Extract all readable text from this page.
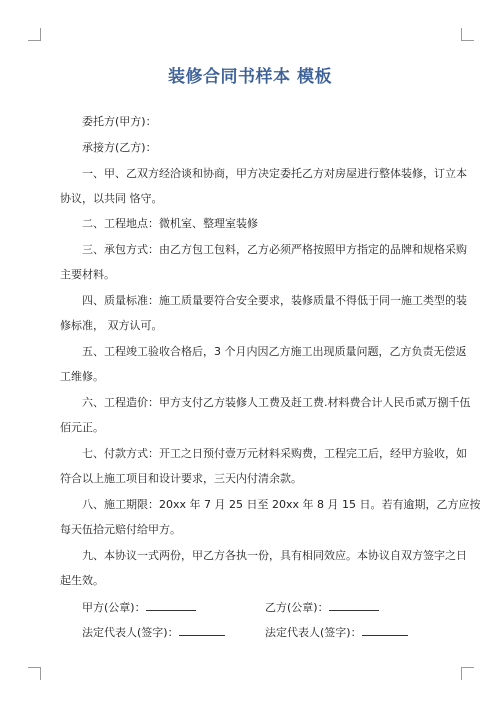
装修合同书样本 模板
委托方(甲方)：
承接方(乙方)：
一、甲、乙双方经洽谈和协商，甲方决定委托乙方对房屋进行整体装修，订立本
协议，以共同 恪守。
二、工程地点：微机室、整理室装修
三、承包方式：由乙方包工包料，乙方必须严格按照甲方指定的品牌和规格采购
主要材料。
四、质量标准：施工质量要符合安全要求，装修质量不得低于同一施工类型的装
修标准， 双方认可。
五、工程竣工验收合格后，3 个月内因乙方施工出现质量问题，乙方负责无偿返
工维修。
六、工程造价：甲方支付乙方装修人工费及赶工费.材料费合计人民币贰万捌千伍
佰元正。
七、付款方式：开工之日预付壹万元材料采购费，工程完工后，经甲方验收，如
符合以上施工项目和设计要求，三天内付清余款。
八、施工期限：20xx 年 7 月 25 日至 20xx 年 8 月 15 日。若有逾期，乙方应按
每天伍拾元赔付给甲方。
九、本协议一式两份，甲乙方各执一份，具有相同效应。本协议自双方签字之日
起生效。
甲方(公章)：	乙方(公章)：
法定代表人(签字)：	法定代表人(签字)：
